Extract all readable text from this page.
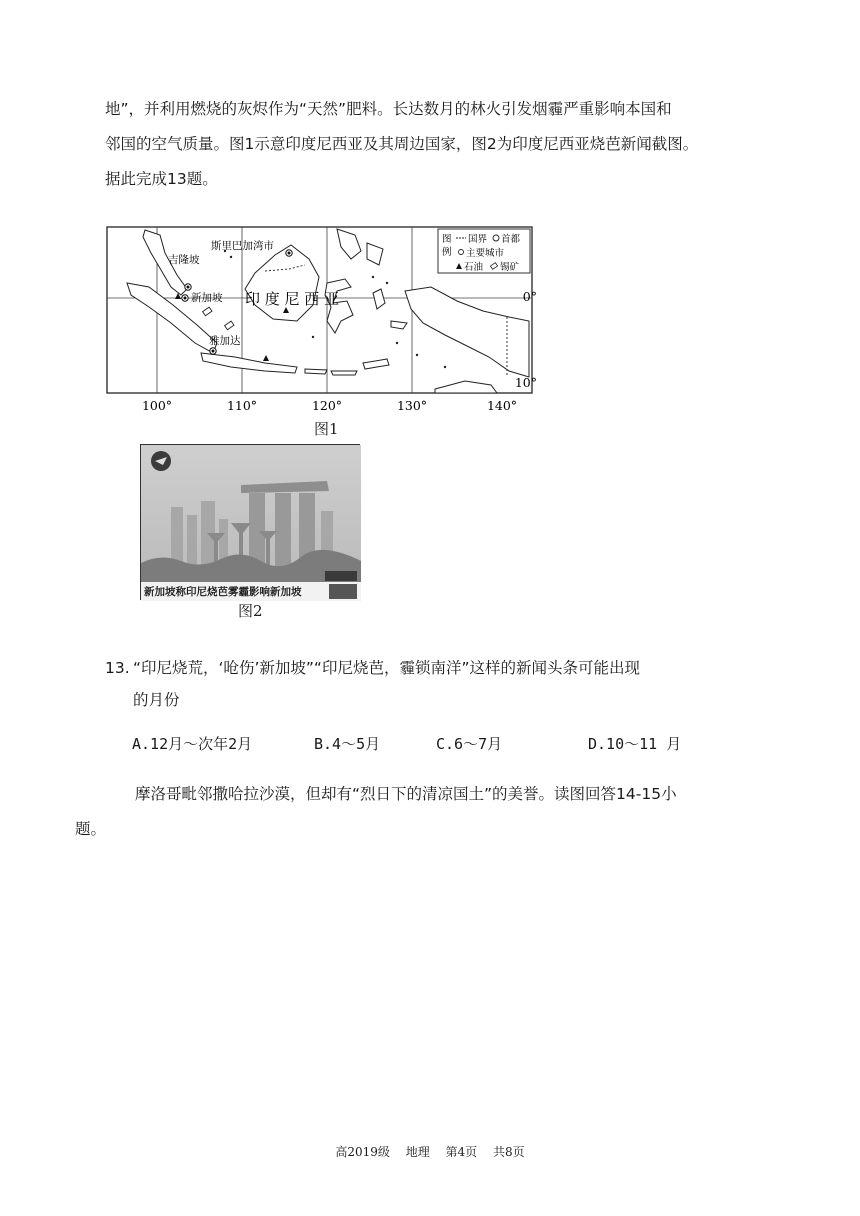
地”，并利用燃烧的灰烬作为“天然”肥料。长达数月的林火引发烟霾严重影响本国和
邻国的空气质量。图1示意印度尼西亚及其周边国家，图2为印度尼西亚烧芭新闻截图。
据此完成13题。
吉隆坡
斯里巴加湾市
新加坡
雅加达
印 度 尼 西 亚
图
例
国界 首都
主要城市
石油 锡矿
0°
10°
100°	110°	120°	130°	140°
图1
新加坡称印尼烧芭雾霾影响新加坡
图2
13. “印尼烧荒，‘呛伤’新加坡”“印尼烧芭，霾锁南洋”这样的新闻头条可能出现
的月份
A.12月～次年2月	B.4～5月	C.6～7月	D.10～11 月
摩洛哥毗邻撒哈拉沙漠，但却有“烈日下的清凉国土”的美誉。读图回答14-15小
题。
高2019级 地理 第4页 共8页
